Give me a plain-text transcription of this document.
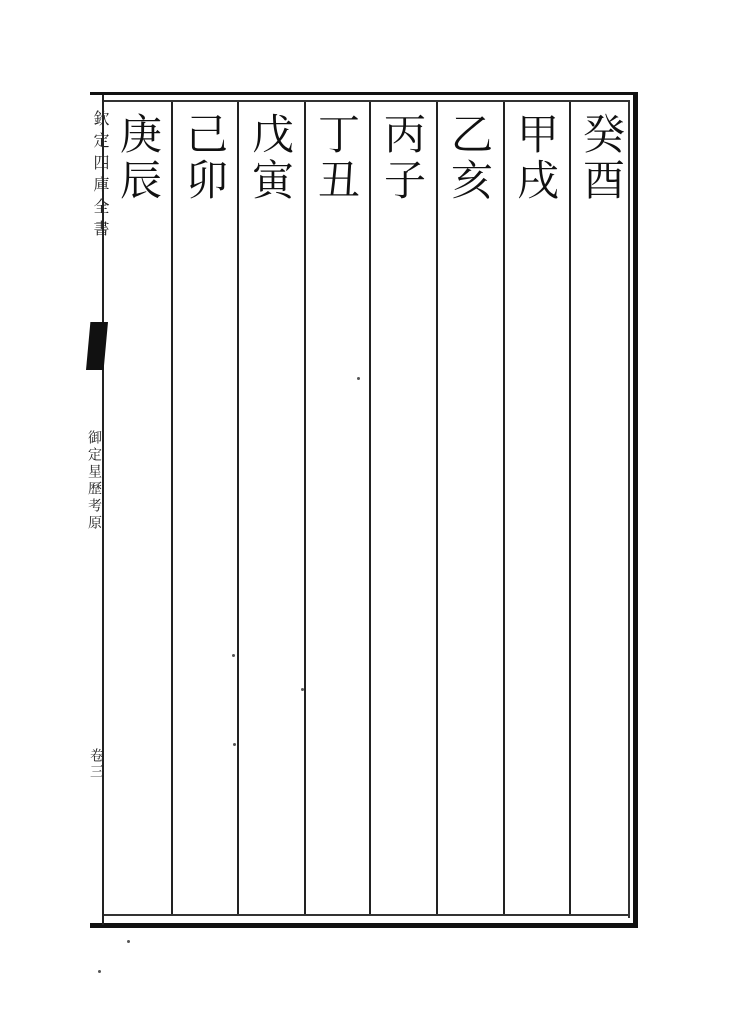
欽定四庫全書
御定星歷考原
卷三
癸酉
甲戌
乙亥
丙子
丁丑
戊寅
己卯
庚辰
